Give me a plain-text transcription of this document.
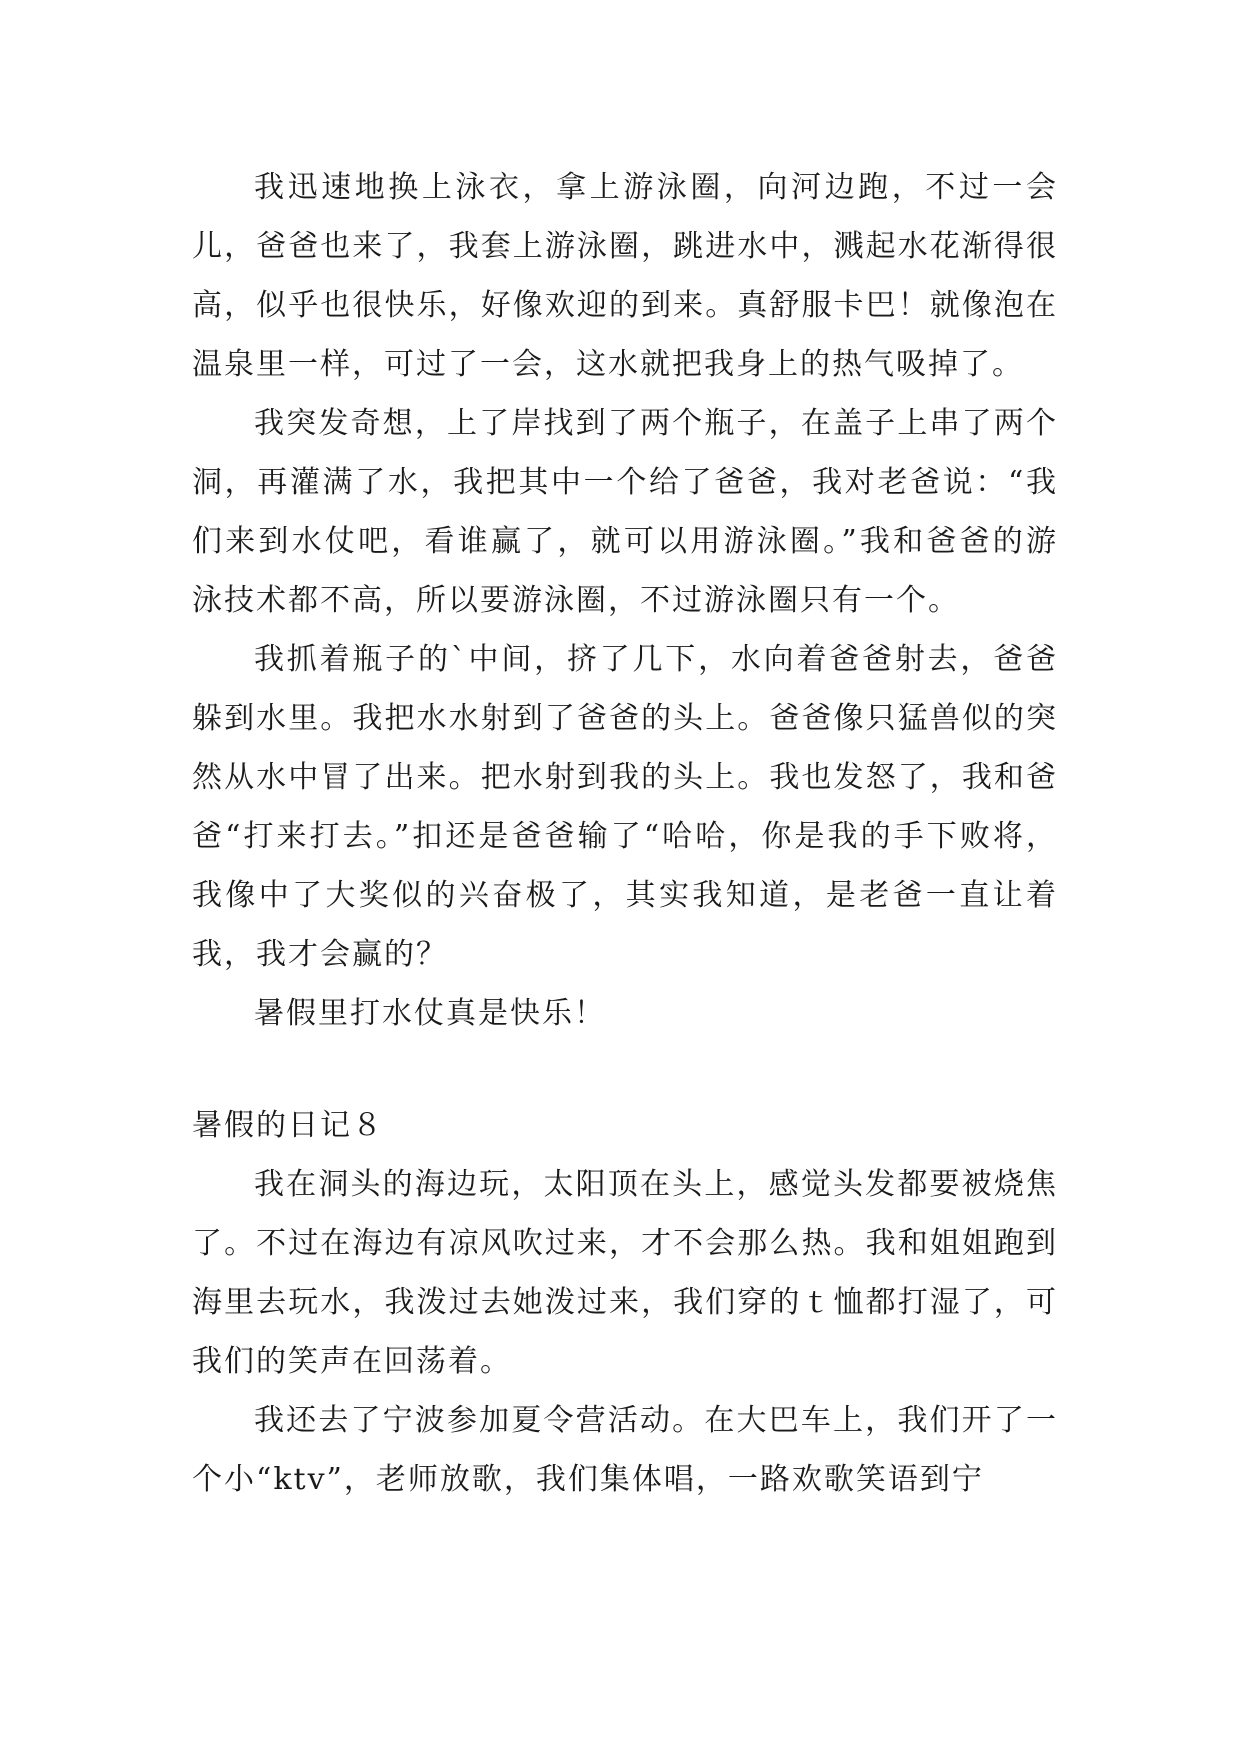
我迅速地换上泳衣，拿上游泳圈，向河边跑，不过一会儿，爸爸也来了，我套上游泳圈，跳进水中，溅起水花渐得很高，似乎也很快乐，好像欢迎的到来。真舒服卡巴！就像泡在温泉里一样，可过了一会，这水就把我身上的热气吸掉了。

我突发奇想，上了岸找到了两个瓶子，在盖子上串了两个洞，再灌满了水，我把其中一个给了爸爸，我对老爸说：“我们来到水仗吧，看谁赢了，就可以用游泳圈。”我和爸爸的游泳技术都不高，所以要游泳圈，不过游泳圈只有一个。

我抓着瓶子的`中间，挤了几下，水向着爸爸射去，爸爸躲到水里。我把水水射到了爸爸的头上。爸爸像只猛兽似的突然从水中冒了出来。把水射到我的头上。我也发怒了，我和爸爸“打来打去。”扣还是爸爸输了“哈哈，你是我的手下败将，我像中了大奖似的兴奋极了，其实我知道，是老爸一直让着我，我才会赢的？

暑假里打水仗真是快乐！

暑假的日记８

我在洞头的海边玩，太阳顶在头上，感觉头发都要被烧焦了。不过在海边有凉风吹过来，才不会那么热。我和姐姐跑到海里去玩水，我泼过去她泼过来，我们穿的ｔ恤都打湿了，可我们的笑声在回荡着。

我还去了宁波参加夏令营活动。在大巴车上，我们开了一个小“ktv”，老师放歌，我们集体唱，一路欢歌笑语到宁
